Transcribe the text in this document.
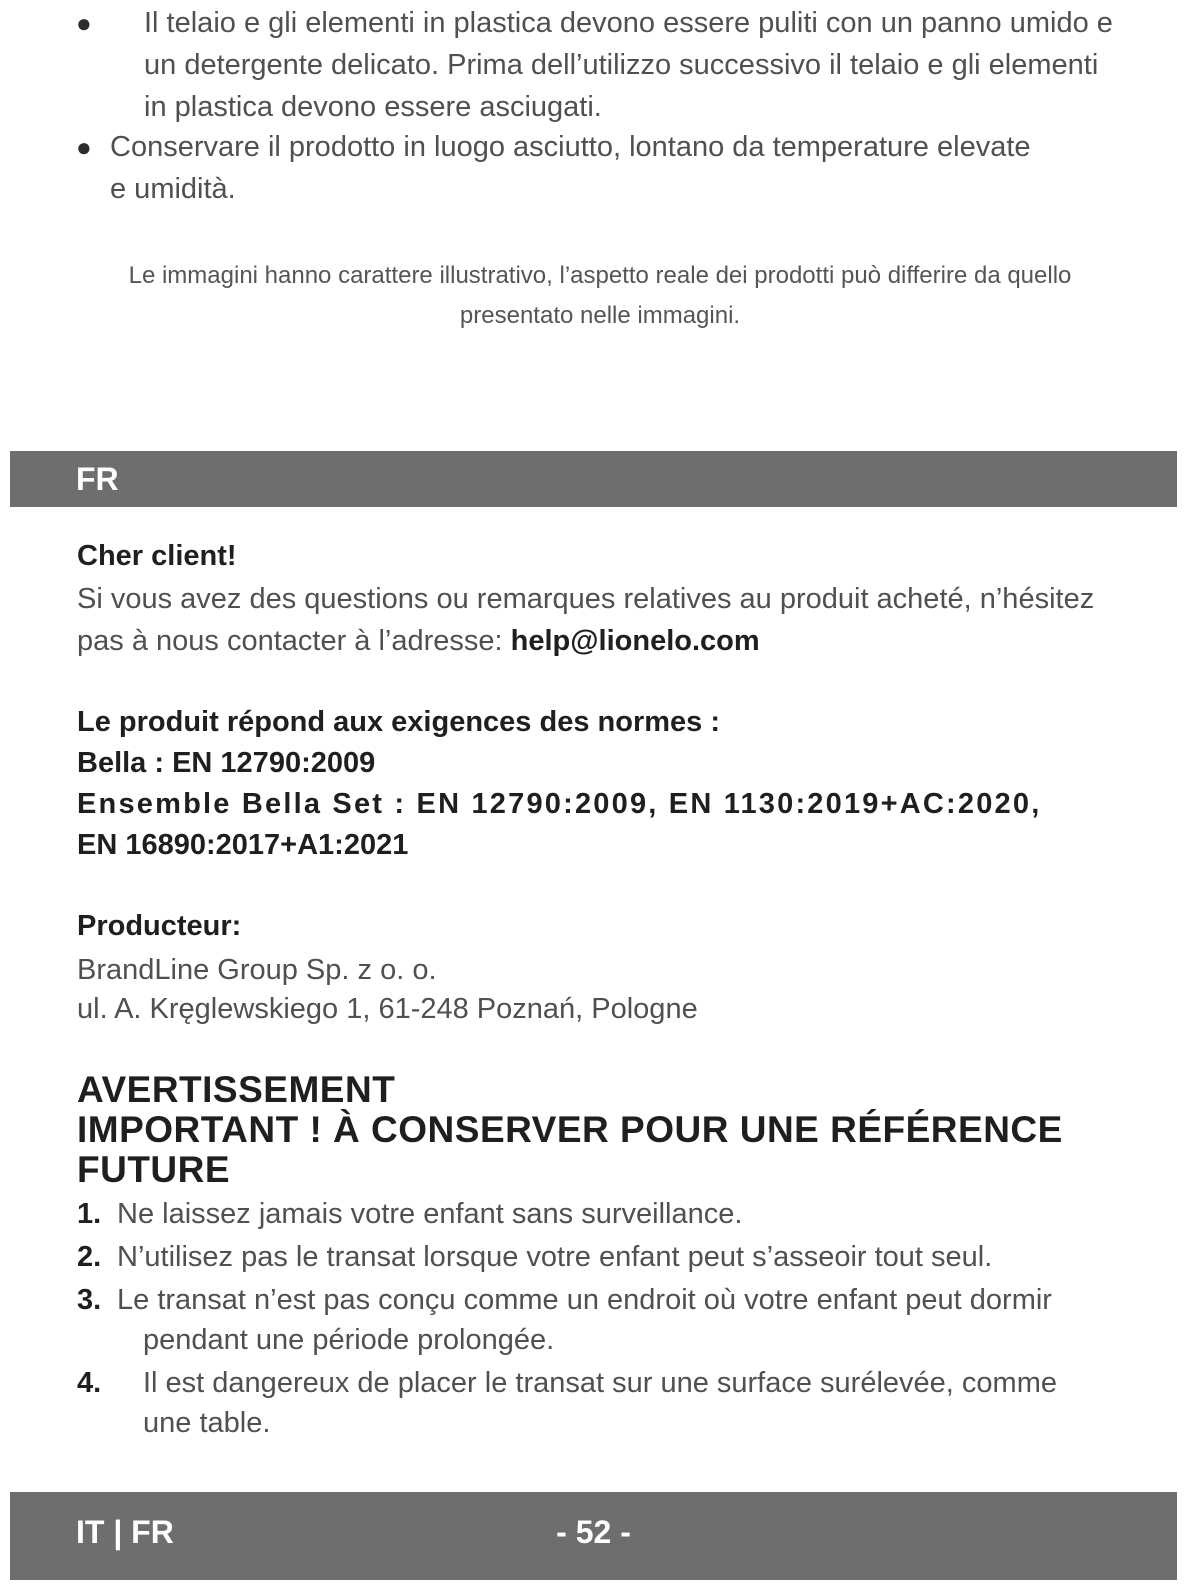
●	Il telaio e gli elementi in plastica devono essere puliti con un panno umido e
un detergente delicato. Prima dell’utilizzo successivo il telaio e gli elementi in plastica devono essere asciugati.
● Conservare il prodotto in luogo asciutto, lontano da temperature elevate
e umidità.
Le immagini hanno carattere illustrativo, l’aspetto reale dei prodotti può differire da quello presentato nelle immagini.
FR
Cher client!
Si vous avez des questions ou remarques relatives au produit acheté, n’hésitez pas à nous contacter à l’adresse: help@lionelo.com
Le produit répond aux exigences des normes :
Bella : EN 12790:2009
Ensemble Bella Set : EN 12790:2009, EN 1130:2019+AC:2020,
EN 16890:2017+A1:2021
Producteur:
BrandLine Group Sp. z o. o.
ul. A. Kręglewskiego 1, 61-248 Poznań, Pologne
AVERTISSEMENT
IMPORTANT ! À CONSERVER POUR UNE RÉFÉRENCE
FUTURE
1. Ne laissez jamais votre enfant sans surveillance.
2. N’utilisez pas le transat lorsque votre enfant peut s’asseoir tout seul.
3. Le transat n’est pas conçu comme un endroit où votre enfant peut dormir
pendant une période prolongée.
4.	Il est dangereux de placer le transat sur une surface surélevée, comme
une table.
IT | FR	- 52 -
